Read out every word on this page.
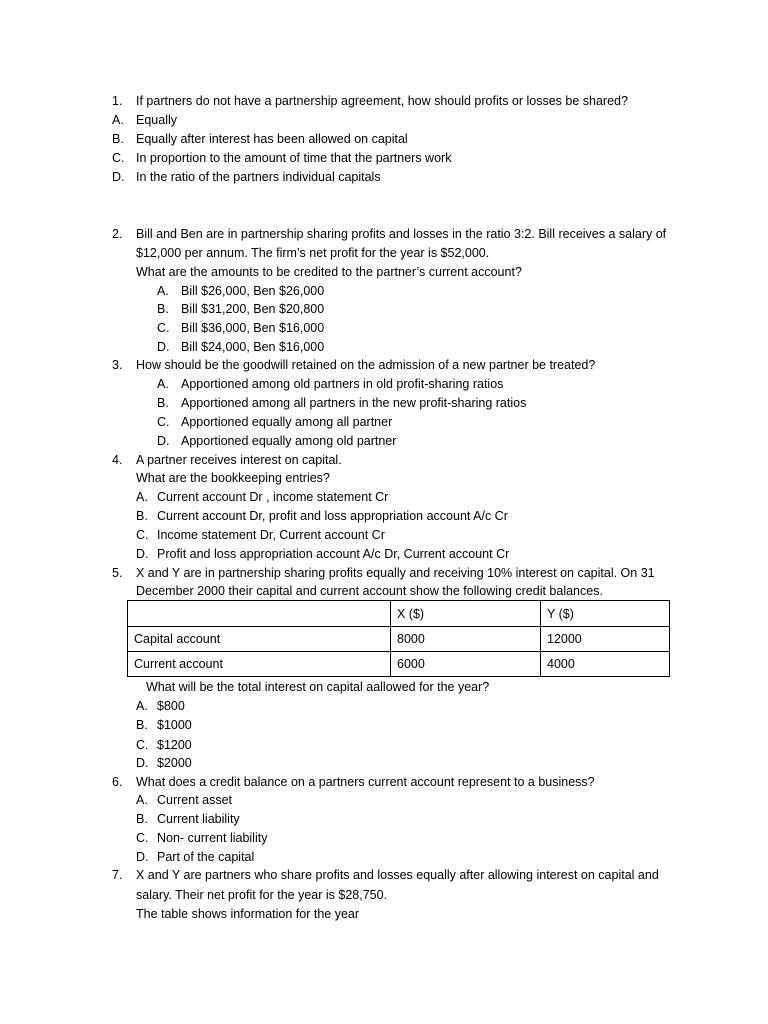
1. If partners do not have a partnership agreement, how should profits or losses be shared?
A. Equally
B. Equally after interest has been allowed on capital
C. In proportion to the amount of time that the partners work
D. In the ratio of the partners individual capitals
2. Bill and Ben are in partnership sharing profits and losses in the ratio 3:2. Bill receives a salary of
$12,000 per annum. The firm’s net profit for the year is $52,000.
What are the amounts to be credited to the partner’s current account?
A. Bill $26,000, Ben $26,000
B. Bill $31,200, Ben $20,800
C. Bill $36,000, Ben $16,000
D. Bill $24,000, Ben $16,000
3. How should be the goodwill retained on the admission of a new partner be treated?
A. Apportioned among old partners in old profit-sharing ratios
B. Apportioned among all partners in the new profit-sharing ratios
C. Apportioned equally among all partner
D. Apportioned equally among old partner
4. A partner receives interest on capital.
What are the bookkeeping entries?
A. Current account Dr , income statement Cr
B. Current account Dr, profit and loss appropriation account A/c Cr
C. Income statement Dr, Current account Cr
D. Profit and loss appropriation account A/c Dr, Current account Cr
5. X and Y are in partnership sharing profits equally and receiving 10% interest on capital. On 31
December 2000 their capital and current account show the following credit balances.
	X ($)	Y ($)
Capital account	8000	12000
Current account	6000	4000
What will be the total interest on capital aallowed for the year?
A. $800
B. $1000
C. $1200
D. $2000
6. What does a credit balance on a partners current account represent to a business?
A. Current asset
B. Current liability
C. Non- current liability
D. Part of the capital
7. X and Y are partners who share profits and losses equally after allowing interest on capital and
salary. Their net profit for the year is $28,750.
The table shows information for the year
